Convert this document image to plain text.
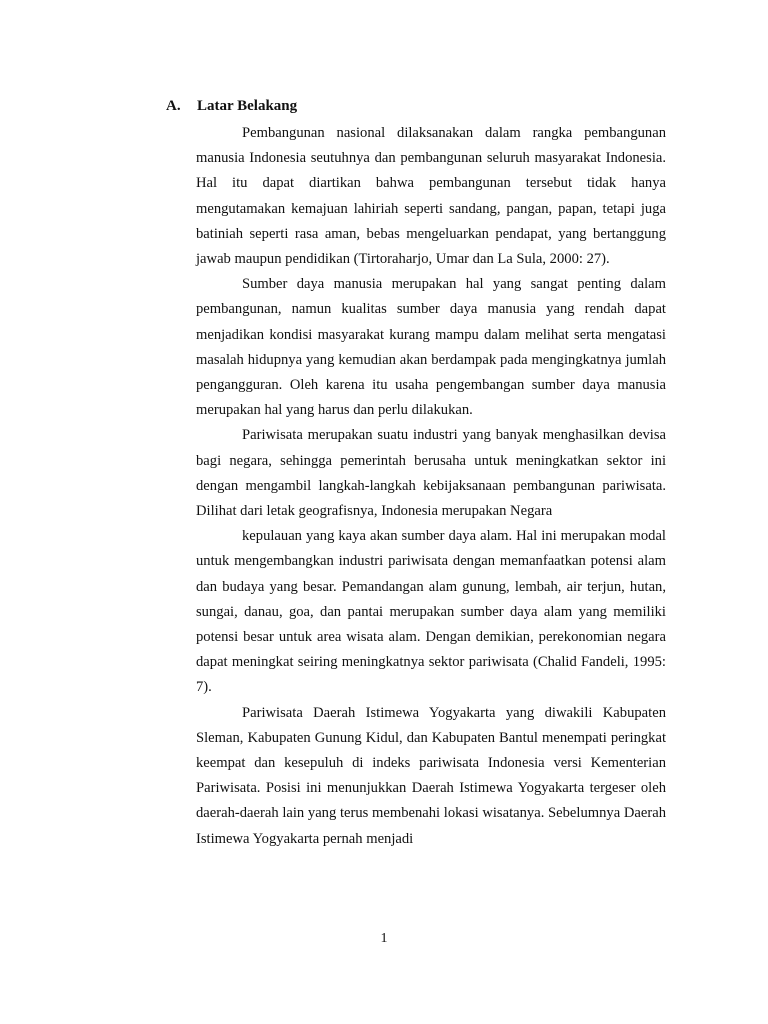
A. Latar Belakang

Pembangunan nasional dilaksanakan dalam rangka pembangunan manusia Indonesia seutuhnya dan pembangunan seluruh masyarakat Indonesia. Hal itu dapat diartikan bahwa pembangunan tersebut tidak hanya mengutamakan kemajuan lahiriah seperti sandang, pangan, papan, tetapi juga batiniah seperti rasa aman, bebas mengeluarkan pendapat, yang bertanggung jawab maupun pendidikan (Tirtoraharjo, Umar dan La Sula, 2000: 27).

Sumber daya manusia merupakan hal yang sangat penting dalam pembangunan, namun kualitas sumber daya manusia yang rendah dapat menjadikan kondisi masyarakat kurang mampu dalam melihat serta mengatasi masalah hidupnya yang kemudian akan berdampak pada mengingkatnya jumlah pengangguran. Oleh karena itu usaha pengembangan sumber daya manusia merupakan hal yang harus dan perlu dilakukan.

Pariwisata merupakan suatu industri yang banyak menghasilkan devisa bagi negara, sehingga pemerintah berusaha untuk meningkatkan sektor ini dengan mengambil langkah-langkah kebijaksanaan pembangunan pariwisata. Dilihat dari letak geografisnya, Indonesia merupakan Negara

kepulauan yang kaya akan sumber daya alam. Hal ini merupakan modal untuk mengembangkan industri pariwisata dengan memanfaatkan potensi alam dan budaya yang besar. Pemandangan alam gunung, lembah, air terjun, hutan, sungai, danau, goa, dan pantai merupakan sumber daya alam yang memiliki potensi besar untuk area wisata alam. Dengan demikian, perekonomian negara dapat meningkat seiring meningkatnya sektor pariwisata (Chalid Fandeli, 1995: 7).

Pariwisata Daerah Istimewa Yogyakarta yang diwakili Kabupaten Sleman, Kabupaten Gunung Kidul, dan Kabupaten Bantul menempati peringkat keempat dan kesepuluh di indeks pariwisata Indonesia versi Kementerian Pariwisata. Posisi ini menunjukkan Daerah Istimewa Yogyakarta tergeser oleh daerah-daerah lain yang terus membenahi lokasi wisatanya. Sebelumnya Daerah Istimewa Yogyakarta pernah menjadi

1
